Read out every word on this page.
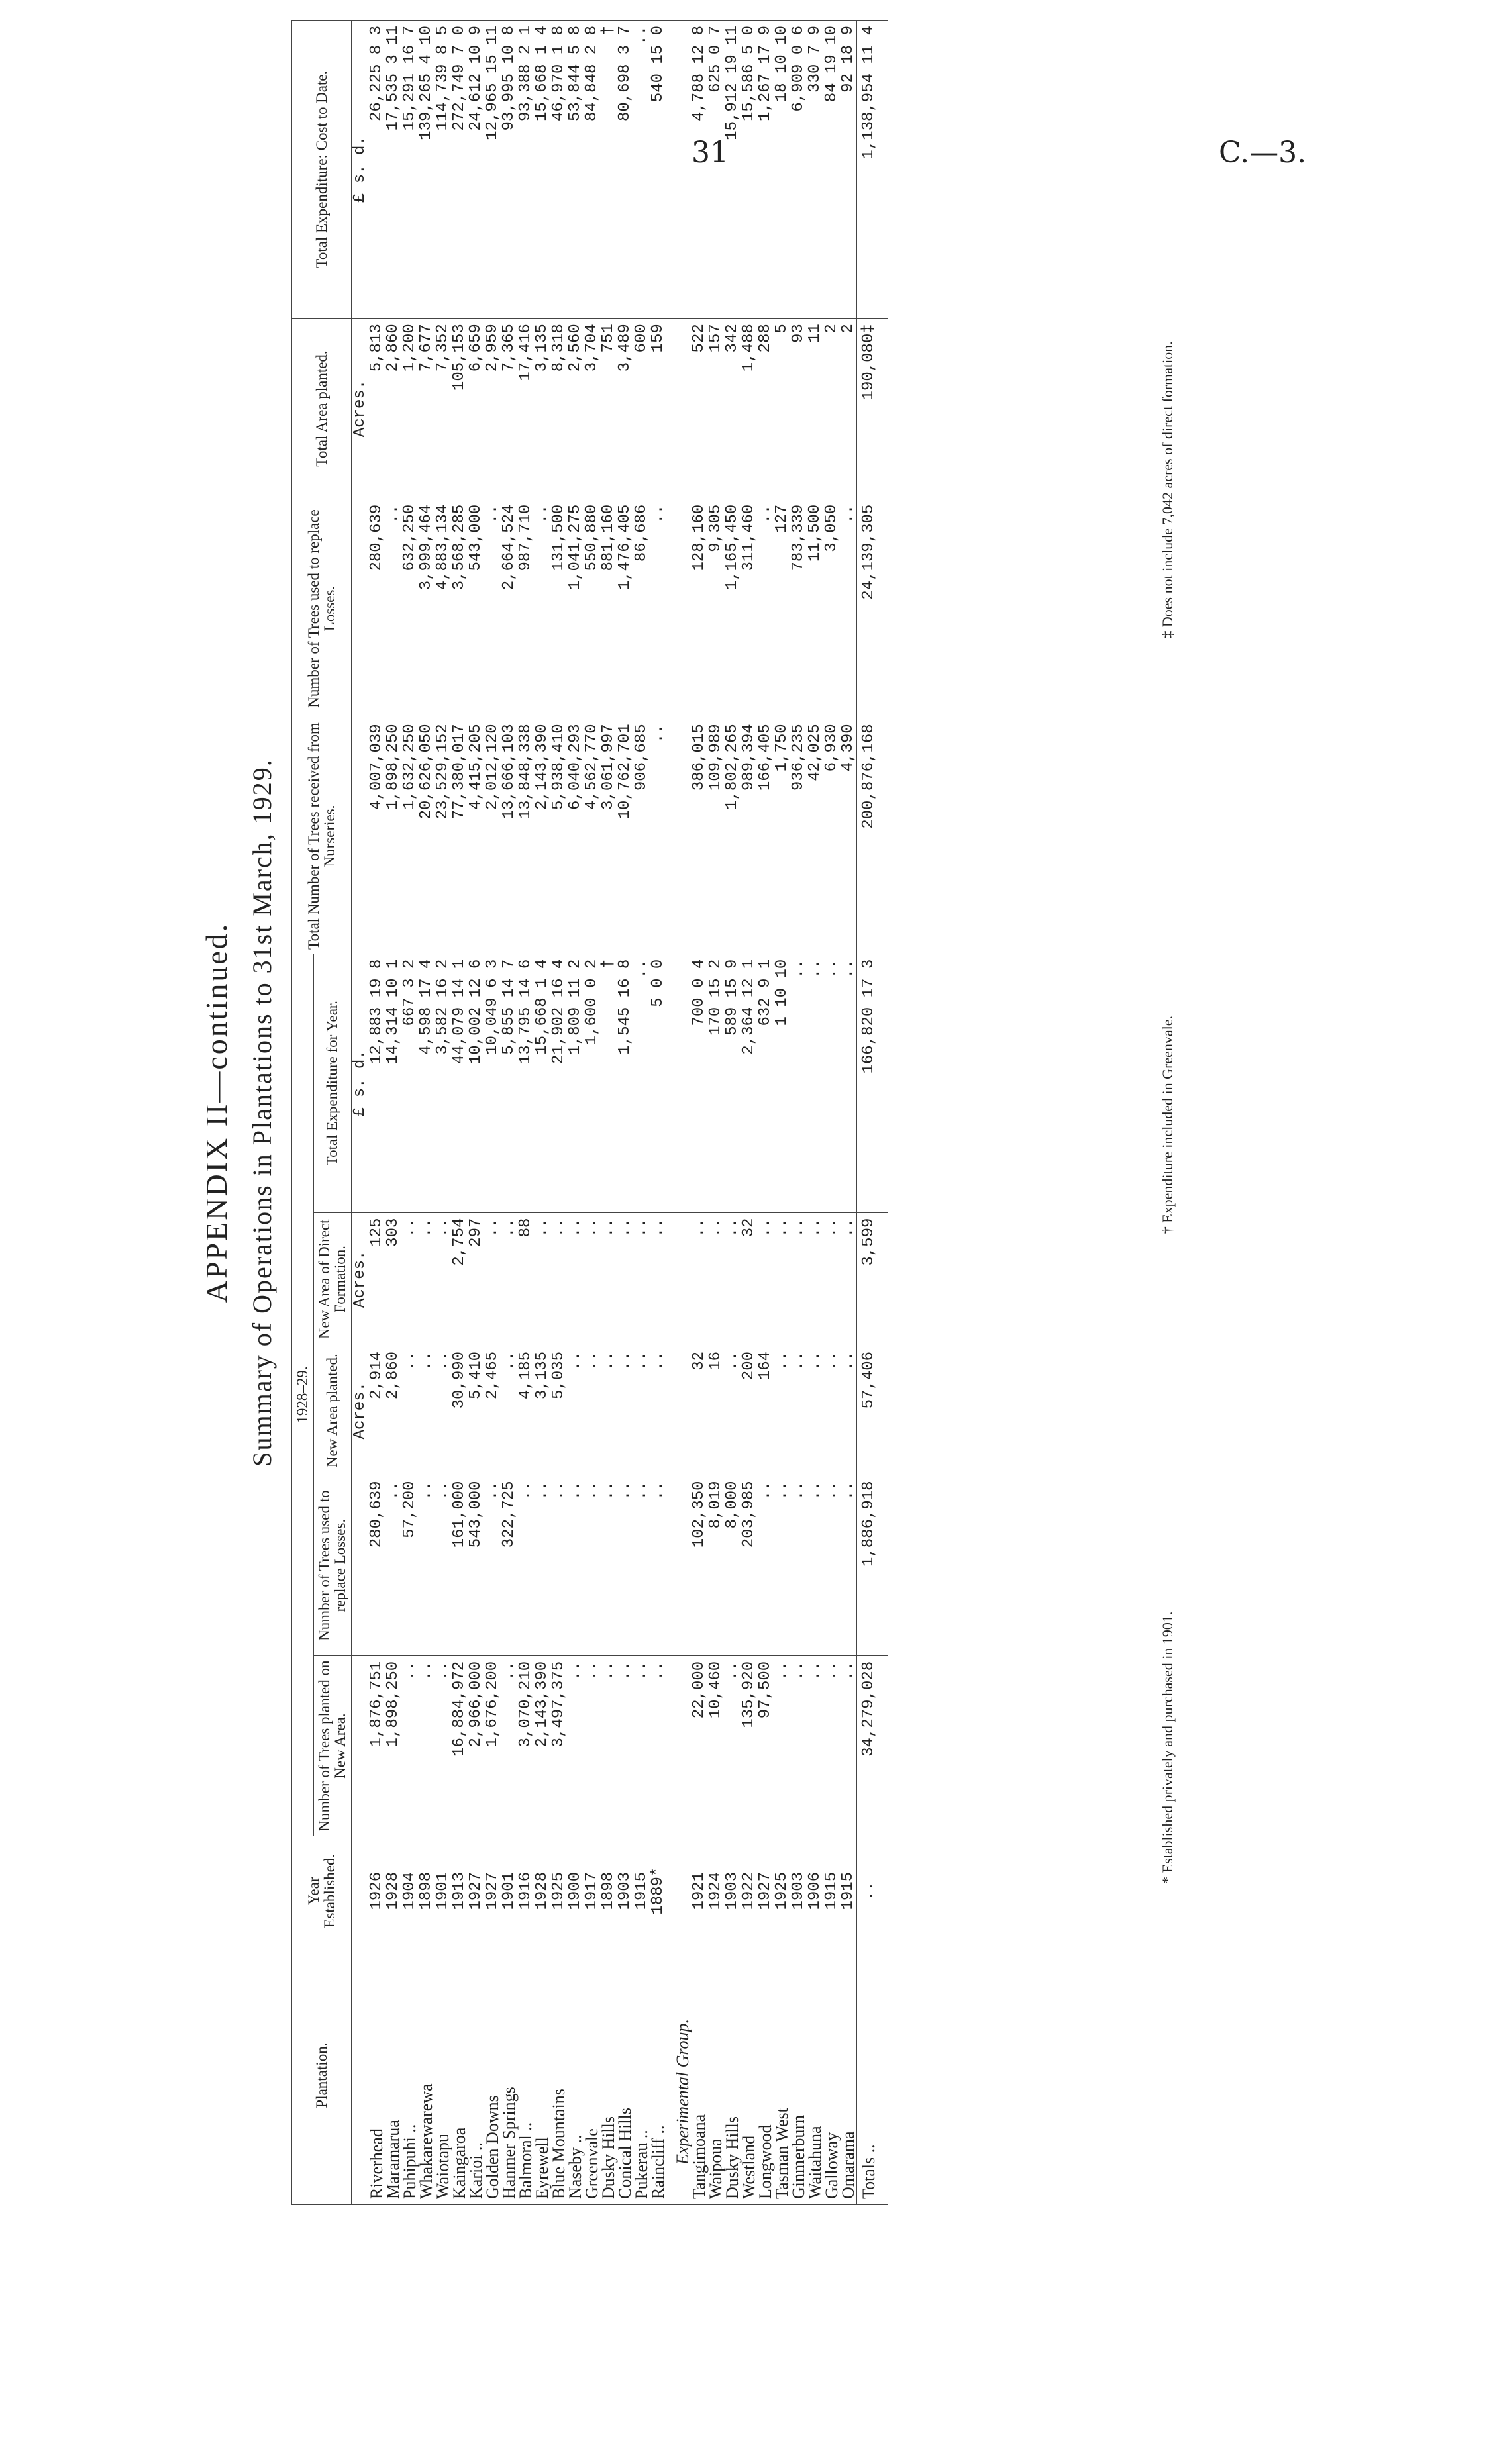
31	C.—3.
APPENDIX II—continued. Summary of Operations in Plantations to 31st March, 1929.
Plantation.	Year Established.	1928–29.					Total Number of Trees received from Nurseries.	Number of Trees used to replace Losses.	Total Area planted.	Total Expenditure: Cost to Date.
		Number of Trees planted on New Area.	Number of Trees used to replace Losses.	New Area planted.	New Area of Direct Formation.	Total Expenditure for Year.				
				Acres.	Acres.	£ s. d.			Acres.	£ s. d.
Riverhead	1926	1,876,751	280,639	2,914	125	12,883 19 8	4,007,039	280,639	5,813	26,225 8 3
Maramarua	1928	1,898,250	..	2,860	303	14,314 10 1	1,898,250	..	2,860	17,535 3 11
Puhipuhi ..	1904	..	57,200	..	..	667 3 2	1,632,250	632,250	1,200	15,291 16 7
Whakarewarewa	1898	..	..	..	..	4,598 17 4	20,626,050	3,999,464	7,677	139,265 4 10
Waiotapu	1901	..	..	..	..	3,582 16 2	23,529,152	4,883,134	7,352	114,739 8 5
Kaingaroa	1913	16,884,972	161,000	30,990	2,754	44,079 14 1	77,380,017	3,568,285	105,153	272,749 7 0
Karioi ..	1927	2,966,000	543,000	5,410	297	10,002 12 6	4,415,205	543,000	6,659	24,612 10 9
Golden Downs	1927	1,676,200	..	2,465	..	10,049 6 3	2,012,120	..	2,959	12,965 15 11
Hanmer Springs	1901	..	322,725	..	..	5,855 14 7	13,666,103	2,664,524	7,365	93,995 10 8
Balmoral ..	1916	3,070,210	..	4,185	88	13,795 14 6	13,848,338	987,710	17,416	93,388 2 1
Eyrewell	1928	2,143,390	..	3,135	..	15,668 1 4	2,143,390	..	3,135	15,668 1 4
Blue Mountains	1925	3,497,375	..	5,035	..	21,902 16 4	5,938,410	131,500	8,318	46,970 1 8
Naseby ..	1900	..	..	..	..	1,809 11 2	6,040,293	1,041,275	2,560	53,844 5 8
Greenvale	1917	..	..	..	..	1,600 0 2	4,562,770	550,880	3,704	84,848 2 8
Dusky Hills	1898	..	..	..	..	†	3,061,997	881,160	751	†
Conical Hills	1903	..	..	..	..	1,545 16 8	10,762,701	1,476,405	3,489	80,698 3 7
Pukerau ..	1915	..	..	..	..	..	906,685	86,686	600	..
Raincliff ..	1889*	..	..	..	..	5 0 0	..	..	159	540 15 0

Experimental Group.										
Tangimoana	1921	22,000	102,350	32	..	700 0 4	386,015	128,160	522	4,788 12 8
Waipoua	1924	10,460	8,019	16	..	170 15 2	109,989	9,305	157	625 0 7
Dusky Hills	1903	..	8,000	..	..	589 15 9	1,802,265	1,165,450	342	15,912 19 11
Westland	1922	135,920	203,985	200	32	2,364 12 1	989,394	311,460	1,488	15,586 5 0
Longwood	1927	97,500	..	164	..	632 9 1	166,405	..	288	1,267 17 9
Tasman West	1925	..	..	..	..	1 10 10	1,750	127	5	18 10 10
Ginmerburn	1903	..	..	..	..	..	936,235	783,339	93	6,909 0 6
Waitahuna	1906	..	..	..	..	..	42,025	11,500	11	330 7 9
Galloway	1915	..	..	..	..	..	6,930	3,050	2	84 19 10
Omarama	1915	..	..	..	..	..	4,390	..	2	92 18 9
Totals ..	..	34,279,028	1,886,918	57,406	3,599	166,820 17 3	200,876,168	24,139,305	190,080‡	1,138,954 11 4
* Established privately and purchased in 1901.
† Expenditure included in Greenvale.
‡ Does not include 7,042 acres of direct formation.
